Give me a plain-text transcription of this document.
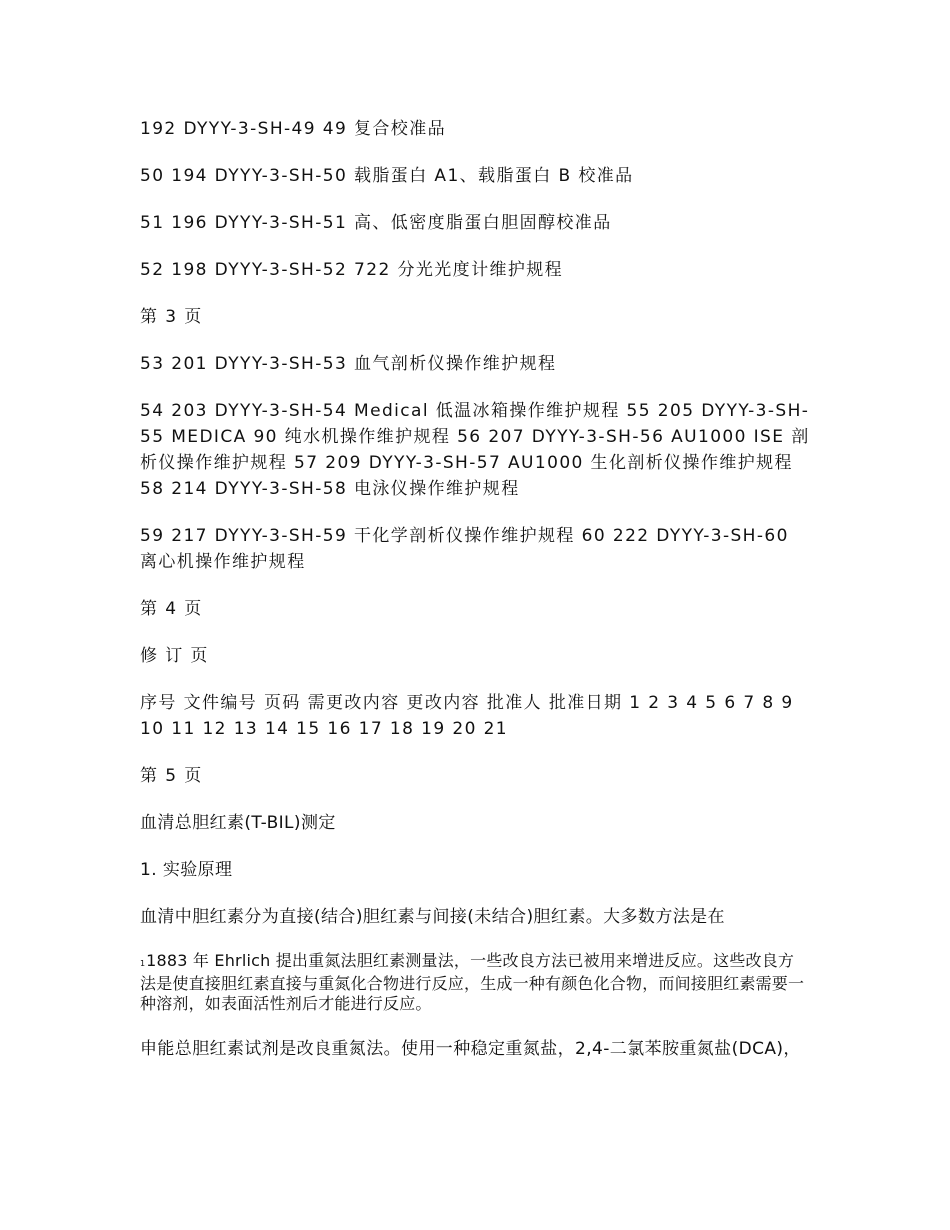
192 DYYY-3-SH-49 49 复合校准品

50 194 DYYY-3-SH-50 载脂蛋白 A1、载脂蛋白 B 校准品

51 196 DYYY-3-SH-51 高、低密度脂蛋白胆固醇校准品

52 198 DYYY-3-SH-52 722 分光光度计维护规程

第 3 页

53 201 DYYY-3-SH-53 血气剖析仪操作维护规程

54 203 DYYY-3-SH-54 Medical 低温冰箱操作维护规程 55 205 DYYY-3-SH-55 MEDICA 90 纯水机操作维护规程 56 207 DYYY-3-SH-56 AU1000 ISE 剖析仪操作维护规程 57 209 DYYY-3-SH-57 AU1000 生化剖析仪操作维护规程 58 214 DYYY-3-SH-58 电泳仪操作维护规程

59 217 DYYY-3-SH-59 干化学剖析仪操作维护规程 60 222 DYYY-3-SH-60 离心机操作维护规程

第 4 页

修 订 页

序号 文件编号 页码 需更改内容 更改内容 批准人 批准日期 1 2 3 4 5 6 7 8 9 10 11 12 13 14 15 16 17 18 19 20 21

第 5 页

血清总胆红素(T-BIL)测定

1. 实验原理

血清中胆红素分为直接(结合)胆红素与间接(未结合)胆红素。大多数方法是在

11883 年 Ehrlich 提出重氮法胆红素测量法，一些改良方法已被用来增进反应。这些改良方法是使直接胆红素直接与重氮化合物进行反应，生成一种有颜色化合物，而间接胆红素需要一种溶剂，如表面活性剂后才能进行反应。

申能总胆红素试剂是改良重氮法。使用一种稳定重氮盐，2,4-二氯苯胺重氮盐(DCA)，
